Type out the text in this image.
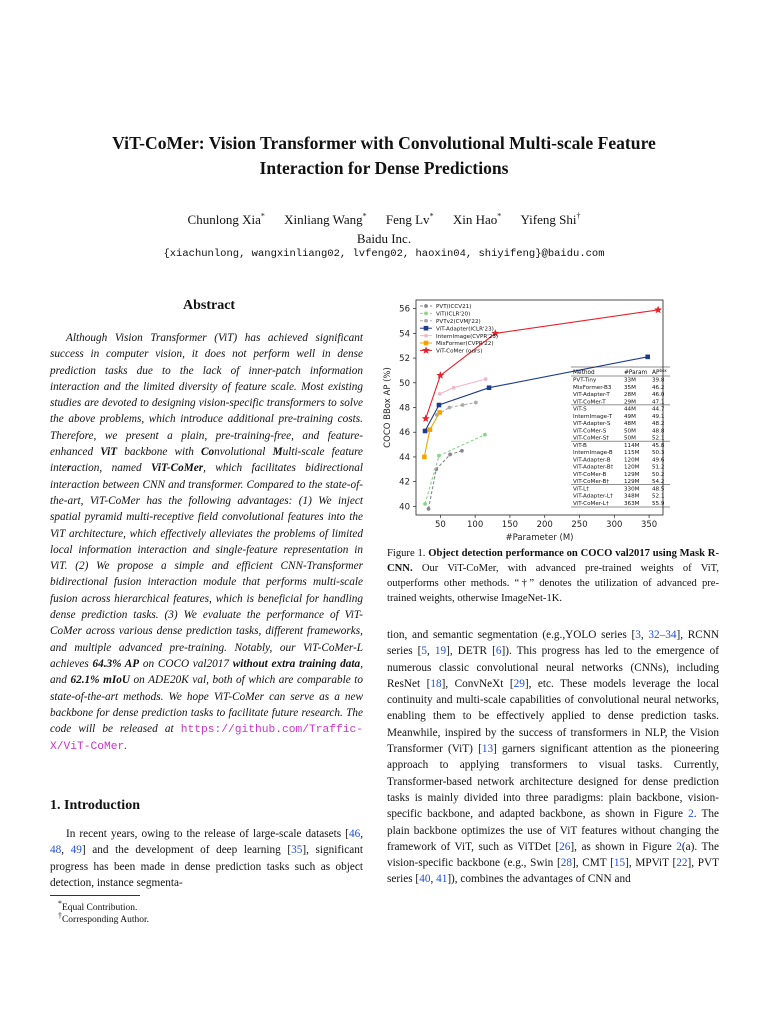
ViT-CoMer: Vision Transformer with Convolutional Multi-scale Feature
Interaction for Dense Predictions
Chunlong Xia* Xinliang Wang* Feng Lv* Xin Hao* Yifeng Shi†
Baidu Inc.
{xiachunlong, wangxinliang02, lvfeng02, haoxin04, shiyifeng}@baidu.com
Abstract
Although Vision Transformer (ViT) has achieved significant success in computer vision, it does not perform well in dense prediction tasks due to the lack of inner-patch information interaction and the limited diversity of feature scale. Most existing studies are devoted to designing vision-specific transformers to solve the above problems, which introduce additional pre-training costs. Therefore, we present a plain, pre-training-free, and feature-enhanced ViT backbone with Convolutional Multi-scale feature interaction, named ViT-CoMer, which facilitates bidirectional interaction between CNN and transformer. Compared to the state-of-the-art, ViT-CoMer has the following advantages: (1) We inject spatial pyramid multi-receptive field convolutional features into the ViT architecture, which effectively alleviates the problems of limited local information interaction and single-feature representation in ViT. (2) We propose a simple and efficient CNN-Transformer bidirectional fusion interaction module that performs multi-scale fusion across hierarchical features, which is beneficial for handling dense prediction tasks. (3) We evaluate the performance of ViT-CoMer across various dense prediction tasks, different frameworks, and multiple advanced pre-training. Notably, our ViT-CoMer-L achieves 64.3% AP on COCO val2017 without extra training data, and 62.1% mIoU on ADE20K val, both of which are comparable to state-of-the-art methods. We hope ViT-CoMer can serve as a new backbone for dense prediction tasks to facilitate future research. The code will be released at https://github.com/Traffic-X/ViT-CoMer.
1. Introduction

In recent years, owing to the release of large-scale datasets [46, 48, 49] and the development of deep learning [35], significant progress has been made in dense prediction tasks such as object detection, instance segmenta-

*Equal Contribution.
†Corresponding Author.
50	100 150 200 250 300 350
40
42
44
46
48
50
52
54
56
#Parameter (M)
COCO BBox AP (%)
PVT(ICCV21)
ViT(ICLR'20)
PVTv2(CVMJ'22)
ViT-Adapter(ICLR'23)
InternImage(CVPR'23)
MixFormer(CVPR'22)
ViT-CoMer (ours)
Method	#Param $AP^{box}$
PVT-Tiny	33M	39.8
MixFormer-B3 35M	46.2
ViT-Adapter-T	28M	46.0
ViT-CoMer-T	29M	47.1
ViT-S	44M	44.7
InternImage-T 49M	49.1
ViT-Adapter-S 48M	48.2
ViT-CoMer-S	50M	48.8
ViT-CoMer-S†	50M	52.1
ViT-B	114M 45.8
InternImage-B 115M 50.3
ViT-Adapter-B 120M 49.6
ViT-Adapter-B† 120M 51.2
ViT-CoMer-B	129M 50.2
ViT-CoMer-B†	129M 54.2
ViT-L†	330M 48.5
ViT-Adapter-L† 348M 52.1
ViT-CoMer-L†	363M 55.9
Figure 1. Object detection performance on COCO val2017 using Mask R-CNN. Our ViT-CoMer, with advanced pre-trained weights of ViT, outperforms other methods. “†” denotes the utilization of advanced pre-trained weights, otherwise ImageNet-1K.

tion, and semantic segmentation (e.g.,YOLO series [3, 32–34], RCNN series [5, 19], DETR [6]). This progress has led to the emergence of numerous classic convolutional neural networks (CNNs), including ResNet [18], ConvNeXt [29], etc. These models leverage the local continuity and multi-scale capabilities of convolutional neural networks, enabling them to be effectively applied to dense prediction tasks. Meanwhile, inspired by the success of transformers in NLP, the Vision Transformer (ViT) [13] garners significant attention as the pioneering approach to applying transformers to visual tasks. Currently, Transformer-based network architecture designed for dense prediction tasks is mainly divided into three paradigms: plain backbone, vision-specific backbone, and adapted backbone, as shown in Figure 2. The plain backbone optimizes the use of ViT features without changing the framework of ViT, such as ViTDet [26], as shown in Figure 2(a). The vision-specific backbone (e.g., Swin [28], CMT [15], MPViT [22], PVT series [40, 41]), combines the advantages of CNN and
